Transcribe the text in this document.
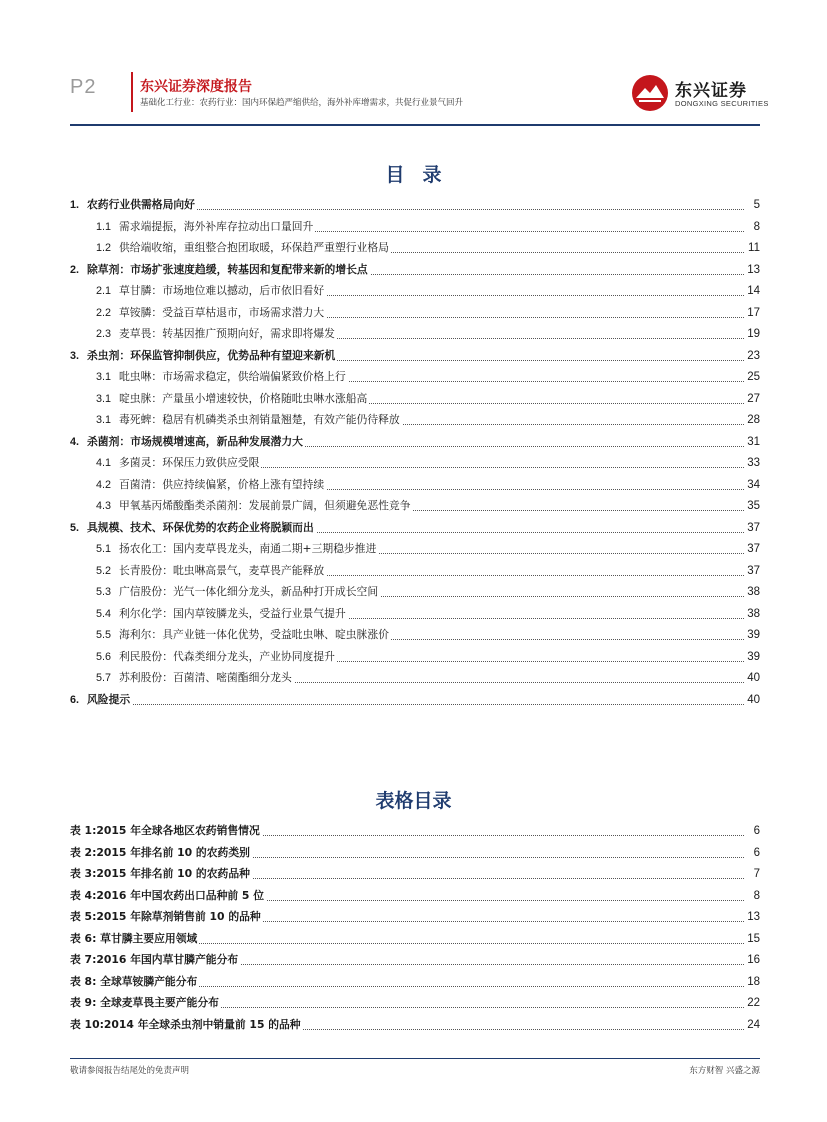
P2	东兴证券深度报告
基础化工行业：农药行业：国内环保趋严缩供给，海外补库增需求，共促行业景气回升
东兴证券
DONGXING SECURITIES
目录
1. 农药行业供需格局向好	5
1.1 需求端提振，海外补库存拉动出口量回升	8
1.2 供给端收缩，重组整合抱团取暖，环保趋严重塑行业格局	11
2. 除草剂：市场扩张速度趋缓，转基因和复配带来新的增长点	13
2.1 草甘膦：市场地位难以撼动，后市依旧看好	14
2.2 草铵膦：受益百草枯退市，市场需求潜力大	17
2.3 麦草畏：转基因推广预期向好，需求即将爆发	19
3. 杀虫剂：环保监管抑制供应，优势品种有望迎来新机	23
3.1 吡虫啉：市场需求稳定，供给端偏紧致价格上行	25
3.1 啶虫脒：产量虽小增速较快，价格随吡虫啉水涨船高	27
3.1 毒死蜱：稳居有机磷类杀虫剂销量翘楚，有效产能仍待释放	28
4. 杀菌剂：市场规模增速高，新品种发展潜力大	31
4.1 多菌灵：环保压力致供应受限	33
4.2 百菌清：供应持续偏紧，价格上涨有望持续	34
4.3 甲氧基丙烯酸酯类杀菌剂：发展前景广阔，但须避免恶性竞争	35
5. 具规模、技术、环保优势的农药企业将脱颖而出	37
5.1 扬农化工：国内麦草畏龙头，南通二期+三期稳步推进	37
5.2 长青股份：吡虫啉高景气，麦草畏产能释放	37
5.3 广信股份：光气一体化细分龙头，新品种打开成长空间	38
5.4 利尔化学：国内草铵膦龙头，受益行业景气提升	38
5.5 海利尔：具产业链一体化优势，受益吡虫啉、啶虫脒涨价	39
5.6 利民股份：代森类细分龙头，产业协同度提升	39
5.7 苏利股份：百菌清、嘧菌酯细分龙头	40
6. 风险提示	40
表格目录
表 1:2015 年全球各地区农药销售情况	6
表 2:2015 年排名前 10 的农药类别	6
表 3:2015 年排名前 10 的农药品种	7
表 4:2016 年中国农药出口品种前 5 位	8
表 5:2015 年除草剂销售前 10 的品种	13
表 6: 草甘膦主要应用领域	15
表 7:2016 年国内草甘膦产能分布	16
表 8: 全球草铵膦产能分布	18
表 9: 全球麦草畏主要产能分布	22
表 10:2014 年全球杀虫剂中销量前 15 的品种	24
敬请参阅报告结尾处的免责声明	东方财智 兴盛之源
